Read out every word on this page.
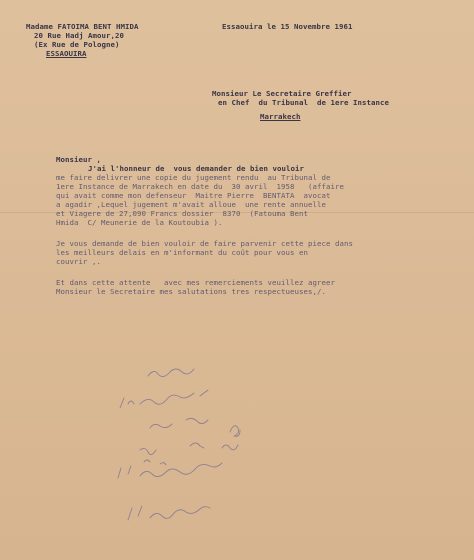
Madame FATOIMA BENT HMIDA
20 Rue Hadj Amour,20
(Ex Rue de Pologne)
ESSAOUIRA
Essaouira le 15 Novembre 1961
Monsieur Le Secretaire Greffier
en Chef  du Tribunal  de 1ere Instance
Marrakech
Monsieur ,
J'ai l'honneur de  vous demander de bien vouloir
me faire delivrer une copie du jugement rendu  au Tribunal de
1ere Instance de Marrakech en date du  30 avril  1958   (affaire
qui avait comme mon defenseur  Maitre Pierre  BENTATA  avocat
a agadir ,Lequel jugement m'avait alloue  une rente annuelle
et Viagere de 27,090 Francs dossier  8370  (Fatouma Bent
Hmida  C/ Meunerie de la Koutoubia ).
Je vous demande de bien vouloir de faire parvenir cette piece dans
les meilleurs delais en m'informant du coût pour vous en
couvrir ,.
Et dans cette attente   avec mes remerciements veuillez agreer
Monsieur le Secretaire mes salutations tres respectueuses,/.
